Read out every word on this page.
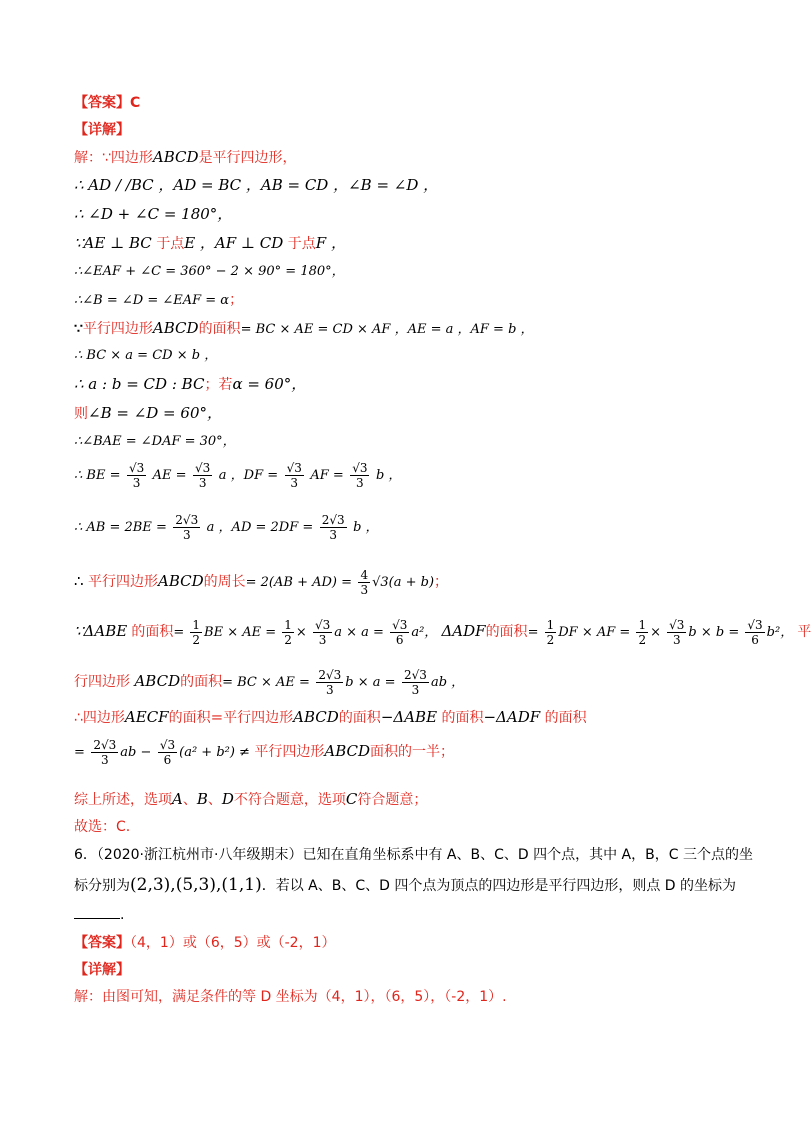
【答案】C
【详解】
解：∵四边形ABCD是平行四边形，
∴ AD / /BC ，AD = BC ，AB = CD ，∠B = ∠D ，
∴ ∠D + ∠C = 180°，
∵AE ⊥ BC 于点E ，AF ⊥ CD 于点F ，
∴∠EAF + ∠C = 360° − 2 × 90° = 180°，
∴∠B = ∠D = ∠EAF = α；
∵平行四边形ABCD的面积= BC × AE = CD × AF ，AE = a ，AF = b ，
∴ BC × a = CD × b ，
∴ a : b = CD : BC；若α = 60°，
则∠B = ∠D = 60°，
∴∠BAE = ∠DAF = 30°，
∴ BE = $\frac{√3}{3}$ AE = $\frac{√3}{3}$ a ，DF = $\frac{√3}{3}$ AF = $\frac{√3}{3}$ b ，
∴ AB = $2BE = \frac{2√3}{3}$ a ，AD = $2DF = \frac{2√3}{3}$ b ，
∴ 平行四边形ABCD的周长= $2(AB + AD) = \frac{4}{3} √3(a + b)$；
∵ΔABE 的面积= $\frac{1}{2}$ BE × AE = $\frac{1}{2} \times \frac{√3}{3}$ $a \times a = \frac{√3}{6} a^2$， ΔADF的面积= $\frac{1}{2}$ DF × AF = $\frac{1}{2} \times \frac{√3}{3}$ $b \times b = \frac{√3}{6} b^2$， 平
行四边形 ABCD的面积= BC × AE = $\frac{2√3}{3}$ $b \times a = \frac{2√3}{3}$ ab ，
∴四边形AECF的面积=平行四边形ABCD的面积−ΔABE 的面积−ΔADF 的面积
= $\frac{2√3}{3}$ ab − $\frac{√3}{6} (a^2 + b^2)$ ≠ 平行四边形ABCD面积的一半；
综上所述，选项A、B、D不符合题意，选项C符合题意；
故选：C.
6．（2020·浙江杭州市·八年级期末）已知在直角坐标系中有 A、B、C、D 四个点，其中 A，B，C 三个点的坐
标分别为(2,3),(5,3),(1,1)．若以 A、B、C、D 四个点为顶点的四边形是平行四边形，则点 D 的坐标为
.
【答案】（4，1）或（6，5）或（-2，1）
【详解】
解：由图可知，满足条件的等 D 坐标为（4，1），（6，5），（-2，1）.
